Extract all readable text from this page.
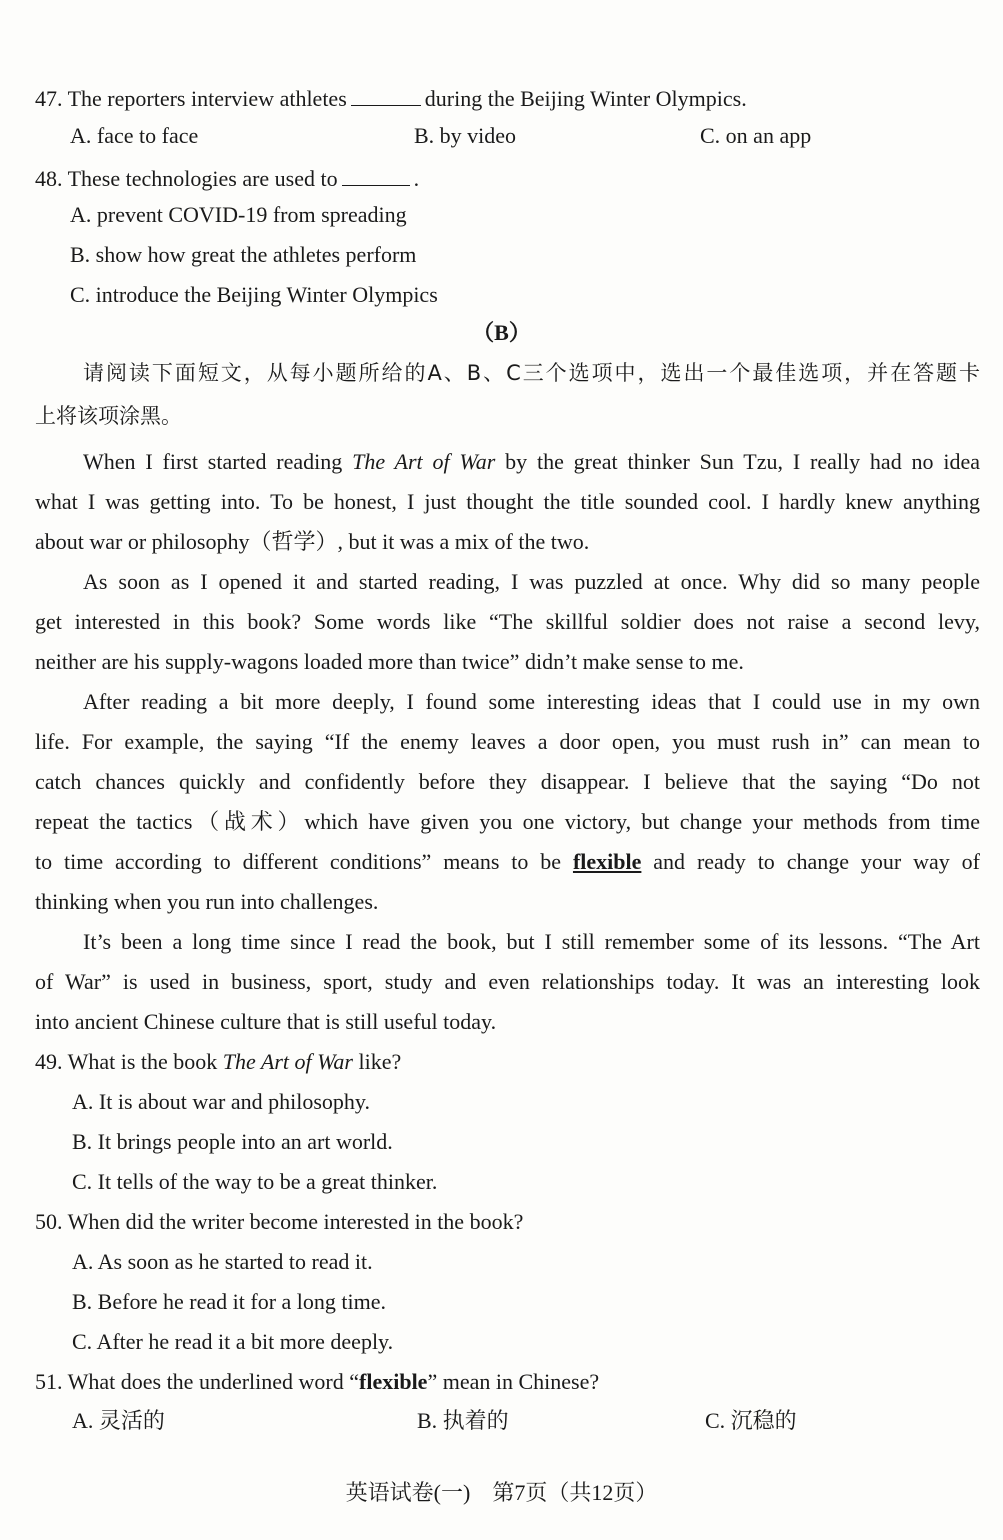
47. The reporters interview athletes	during the Beijing Winter Olympics.
A. face to face	B. by video	C. on an app
48. These technologies are used to	.
A. prevent COVID-19 from spreading
B. show how great the athletes perform
C. introduce the Beijing Winter Olympics
（B）
请阅读下面短文，从每小题所给的A、B、C三个选项中，选出一个最佳选项，并在答题卡
上将该项涂黑。
When I first started reading The Art of War by the great thinker Sun Tzu, I really had no idea
what I was getting into. To be honest, I just thought the title sounded cool. I hardly knew anything
about war or philosophy（哲学）, but it was a mix of the two.
As soon as I opened it and started reading, I was puzzled at once. Why did so many people
get interested in this book? Some words like “The skillful soldier does not raise a second levy,
neither are his supply-wagons loaded more than twice” didn’t make sense to me.
After reading a bit more deeply, I found some interesting ideas that I could use in my own
life. For example, the saying “If the enemy leaves a door open, you must rush in” can mean to
catch chances quickly and confidently before they disappear. I believe that the saying “Do not
repeat the tactics（战术）which have given you one victory, but change your methods from time
to time according to different conditions” means to be flexible and ready to change your way of
thinking when you run into challenges.
It’s been a long time since I read the book, but I still remember some of its lessons. “The Art
of War” is used in business, sport, study and even relationships today. It was an interesting look
into ancient Chinese culture that is still useful today.
49. What is the book The Art of War like?
A. It is about war and philosophy.
B. It brings people into an art world.
C. It tells of the way to be a great thinker.
50. When did the writer become interested in the book?
A. As soon as he started to read it.
B. Before he read it for a long time.
C. After he read it a bit more deeply.
51. What does the underlined word “flexible” mean in Chinese?
A. 灵活的	B. 执着的	C. 沉稳的
英语试卷(一)　第7页（共12页）
